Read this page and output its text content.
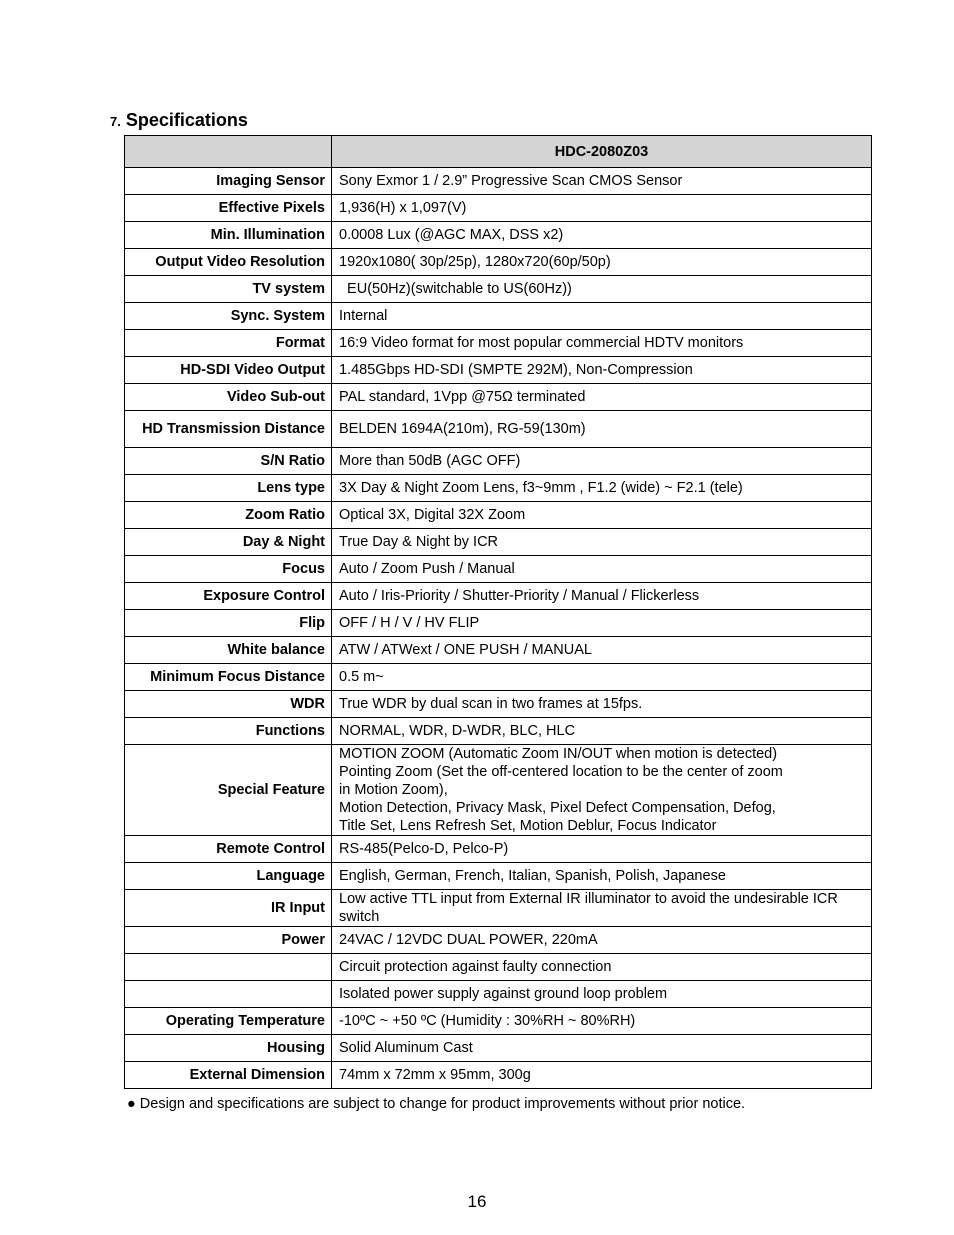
7. Specifications
	HDC-2080Z03
Imaging Sensor	Sony Exmor 1 / 2.9” Progressive Scan CMOS Sensor
Effective Pixels	1,936(H) x 1,097(V)
Min. Illumination	0.0008 Lux (@AGC MAX, DSS x2)
Output Video Resolution	1920x1080( 30p/25p), 1280x720(60p/50p)
TV system	EU(50Hz)(switchable to US(60Hz))
Sync. System	Internal
Format	16:9 Video format for most popular commercial HDTV monitors
HD-SDI Video Output	1.485Gbps HD-SDI (SMPTE 292M), Non-Compression
Video Sub-out	PAL standard, 1Vpp @75Ω terminated
HD Transmission Distance	BELDEN 1694A(210m), RG-59(130m)
S/N Ratio	More than 50dB (AGC OFF)
Lens type	3X Day & Night Zoom Lens, f3~9mm , F1.2 (wide) ~ F2.1 (tele)
Zoom Ratio	Optical 3X, Digital 32X Zoom
Day & Night	True Day & Night by ICR
Focus	Auto / Zoom Push / Manual
Exposure Control	Auto / Iris-Priority / Shutter-Priority / Manual / Flickerless
Flip	OFF / H / V / HV FLIP
White balance	ATW / ATWext / ONE PUSH / MANUAL
Minimum Focus Distance	0.5 m~
WDR	True WDR by dual scan in two frames at 15fps.
Functions	NORMAL, WDR, D-WDR, BLC, HLC
Special Feature	MOTION ZOOM (Automatic Zoom IN/OUT when motion is detected)
Pointing Zoom (Set the off-centered location to be the center of zoom
in Motion Zoom),
Motion Detection, Privacy Mask, Pixel Defect Compensation, Defog,
Title Set, Lens Refresh Set, Motion Deblur, Focus Indicator
Remote Control	RS-485(Pelco-D, Pelco-P)
Language	English, German, French, Italian, Spanish, Polish, Japanese
IR Input	Low active TTL input from External IR illuminator to avoid the undesirable ICR switch
Power	24VAC / 12VDC DUAL POWER, 220mA
	Circuit protection against faulty connection
	Isolated power supply against ground loop problem
Operating Temperature	-10ºC ~ +50 ºC (Humidity : 30%RH ~ 80%RH)
Housing	Solid Aluminum Cast
External Dimension	74mm x 72mm x 95mm, 300g
● Design and specifications are subject to change for product improvements without prior notice.
16
